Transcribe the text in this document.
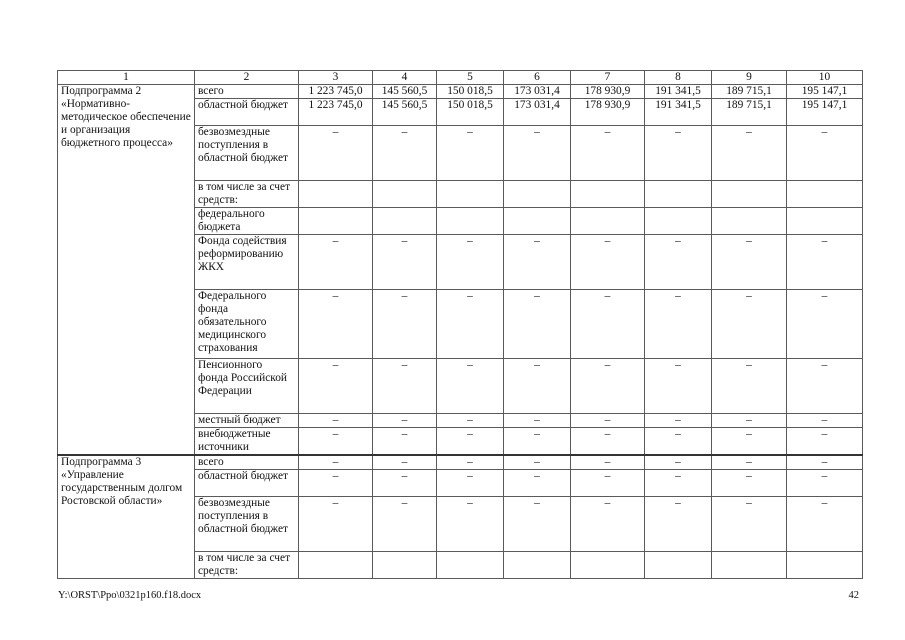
1	2	3	4	5	6	7	8	9	10
Подпрограмма 2 «Нормативно-методическое обеспечение и организация бюджетного процесса»	всего	1 223 745,0	145 560,5	150 018,5	173 031,4	178 930,9	191 341,5	189 715,1	195 147,1
	областной бюджет	1 223 745,0	145 560,5	150 018,5	173 031,4	178 930,9	191 341,5	189 715,1	195 147,1
	безвозмездные поступления в областной бюджет	–	–	–	–	–	–	–	–
	в том числе за счет средств:								
	федерального бюджета								
	Фонда содействия реформированию ЖКХ	–	–	–	–	–	–	–	–
	Федерального фонда обязательного медицинского страхования	–	–	–	–	–	–	–	–
	Пенсионного фонда Российской Федерации	–	–	–	–	–	–	–	–
	местный бюджет	–	–	–	–	–	–	–	–
	внебюджетные источники	–	–	–	–	–	–	–	–
Подпрограмма 3 «Управление государственным долгом Ростовской области»	всего	–	–	–	–	–	–	–	–
	областной бюджет	–	–	–	–	–	–	–	–
	безвозмездные поступления в областной бюджет	–	–	–	–	–	–	–	–
	в том числе за счет средств:								
Y:\ORST\Ppo\0321p160.f18.docx	42
